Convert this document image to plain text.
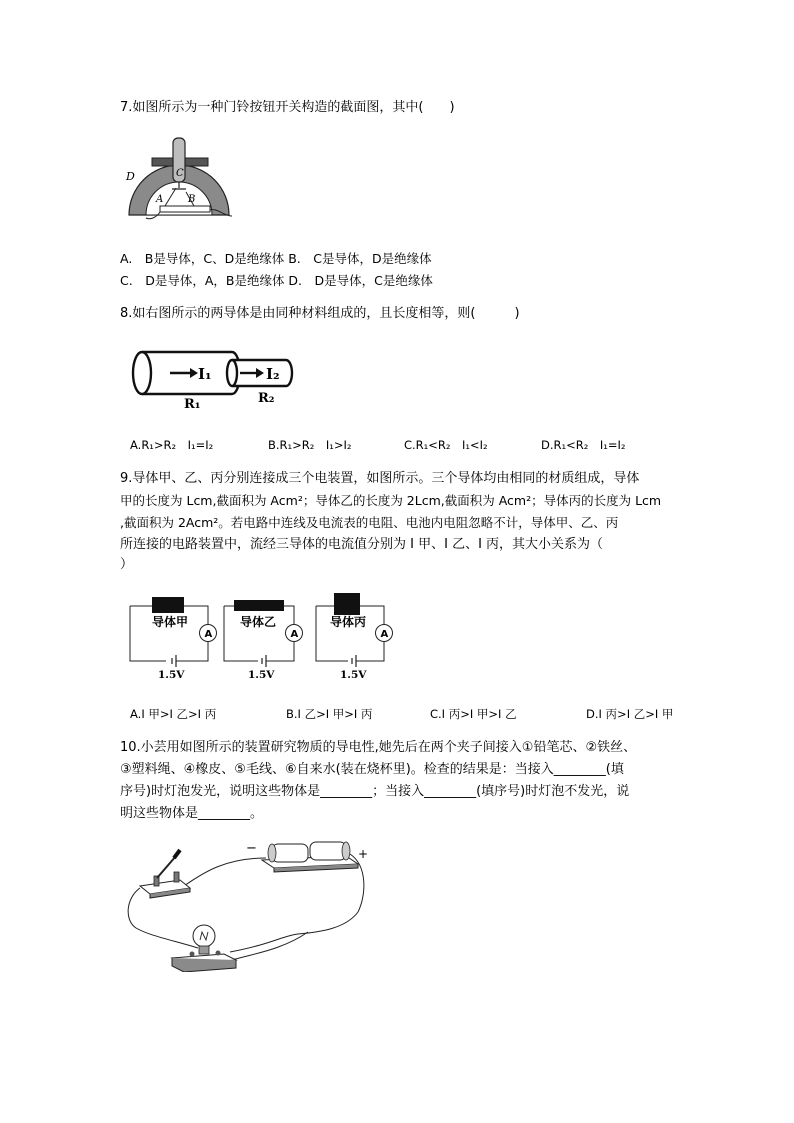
7.如图所示为一种门铃按钮开关构造的截面图，其中(　　)
D	C
A B
A.　B是导体，C、D是绝缘体 B.　C是导体，D是绝缘体
C.　D是导体，A，B是绝缘体 D.　D是导体，C是绝缘体
8.如右图所示的两导体是由同种材料组成的，且长度相等，则(　　　)
I₁	I₂
R₁	R₂
A.R₁>R₂　I₁=I₂	B.R₁>R₂　I₁>I₂	C.R₁<R₂　I₁<I₂	D.R₁<R₂　I₁=I₂
9.导体甲、乙、丙分别连接成三个电装置，如图所示。三个导体均由相同的材质组成，导体
甲的长度为 Lcm,截面积为 Acm²；导体乙的长度为 2Lcm,截面积为 Acm²；导体丙的长度为 Lcm
,截面积为 2Acm²。若电路中连线及电流表的电阻、电池内电阻忽略不计，导体甲、乙、丙
所连接的电路装置中，流经三导体的电流值分别为 I 甲、I 乙、I 丙，其大小关系为（
）
A
导体甲
1.5V
A
导体乙
1.5V
A
导体丙
1.5V
A.I 甲>I 乙>I 丙	B.I 乙>I 甲>I 丙	C.I 丙>I 甲>I 乙	D.I 丙>I 乙>I 甲
10.小芸用如图所示的装置研究物质的导电性,她先后在两个夹子间接入①铅笔芯、②铁丝、
③塑料绳、④橡皮、⑤毛线、⑥自来水(装在烧杯里)。检查的结果是：当接入________(填
序号)时灯泡发光，说明这些物体是________；当接入________(填序号)时灯泡不发光，说
明这些物体是________。
−	+
